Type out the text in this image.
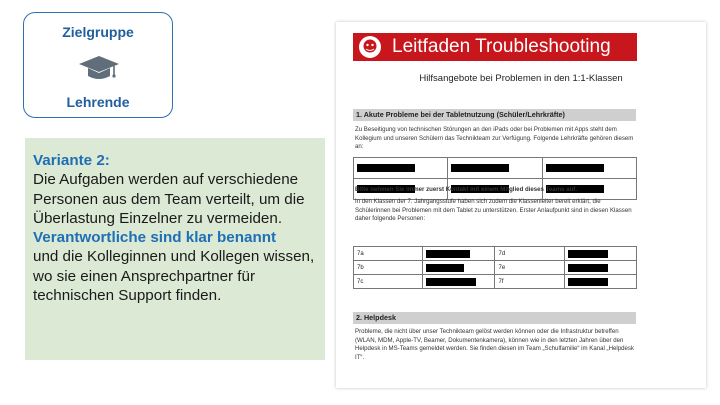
Zielgruppe
Lehrende

Variante 2:

Die Aufgaben werden auf verschiedene Personen aus dem Team verteilt, um die Überlastung Einzelner zu vermeiden.

Verantwortliche sind klar benannt

und die Kolleginnen und Kollegen wissen, wo sie einen Ansprechpartner für technischen Support finden.

Leitfaden Troubleshooting
Hilfsangebote bei Problemen in den 1:1-Klassen
1. Akute Probleme bei der Tabletnutzung (Schüler/Lehrkräfte)
Zu Beseitigung von technischen Störungen an den iPads oder bei Problemen mit Apps steht dem Kollegium und unseren Schülern das Technikteam zur Verfügung. Folgende Lehrkräfte gehören diesem an:

Bitte nehmen Sie immer zuerst Kontakt mit einem Mitglied dieses Teams auf.
In den Klassen der 7. Jahrgangsstufe haben sich zudem die Klassenleiter bereit erklärt, die Schülerinnen bei Problemen mit dem Tablet zu unterstützen. Erster Anlaufpunkt sind in diesen Klassen daher folgende Personen:
7a		7d	
7b		7e	
7c		7f	
2. Helpdesk
Probleme, die nicht über unser Technikteam gelöst werden können oder die Infrastruktur betreffen (WLAN, MDM, Apple-TV, Beamer, Dokumentenkamera), können wie in den letzten Jahren über den Helpdesk in MS-Teams gemeldet werden. Sie finden diesen im Team „Schulfamilie“ im Kanal „Helpdesk IT“.
